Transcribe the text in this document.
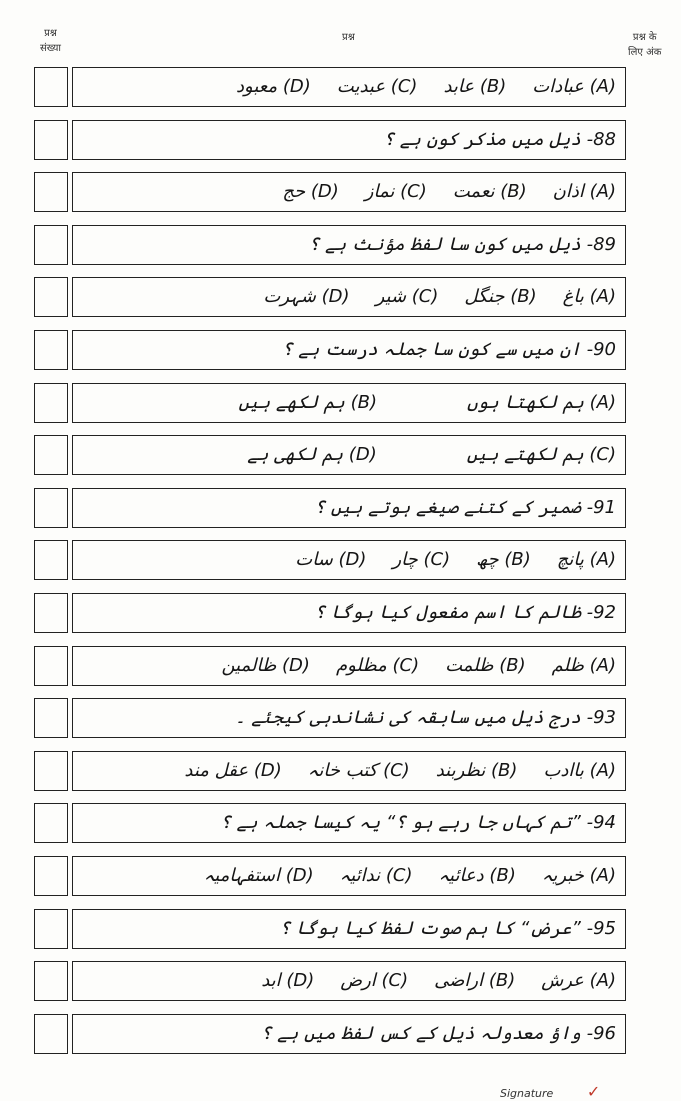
प्रश्न
संख्या
प्रश्न	प्रश्न के
लिए अंक
(A) عبادات
(B) عابد
(C) عبدیت
(D) معبود
88- ذیل میں مذکر کون ہے ؟
(A) اذان
(B) نعمت
(C) نماز
(D) حج
89- ذیل میں کون سا لفظ مؤنث ہے ؟
(A) باغ
(B) جنگل
(C) شیر
(D) شہرت
90- ان میں سے کون سا جملہ درست ہے ؟
(A) ہم لکھتا ہوں
(B) ہم لکھے ہیں
(C) ہم لکھتے ہیں
(D) ہم لکھی ہے
91- ضمیر کے کتنے صیغے ہوتے ہیں ؟
(A) پانچ
(B) چھ
(C) چار
(D) سات
92- ظالم کا اسم مفعول کیا ہوگا ؟
(A) ظلم
(B) ظلمت
(C) مظلوم
(D) ظالمین
93- درج ذیل میں سابقہ کی نشاندہی کیجئے ۔
(A) باادب
(B) نظربند
(C) کتب خانہ
(D) عقل مند
94- ”تم کہاں جا رہے ہو ؟“ یہ کیسا جملہ ہے ؟
(A) خبریہ
(B) دعائیہ
(C) ندائیہ
(D) استفہامیہ
95- ”عرض“ کا ہم صوت لفظ کیا ہوگا ؟
(A) عرش
(B) اراضی
(C) ارض
(D) ابد
96- واؤ معدولہ ذیل کے کس لفظ میں ہے ؟
Signature ✓
